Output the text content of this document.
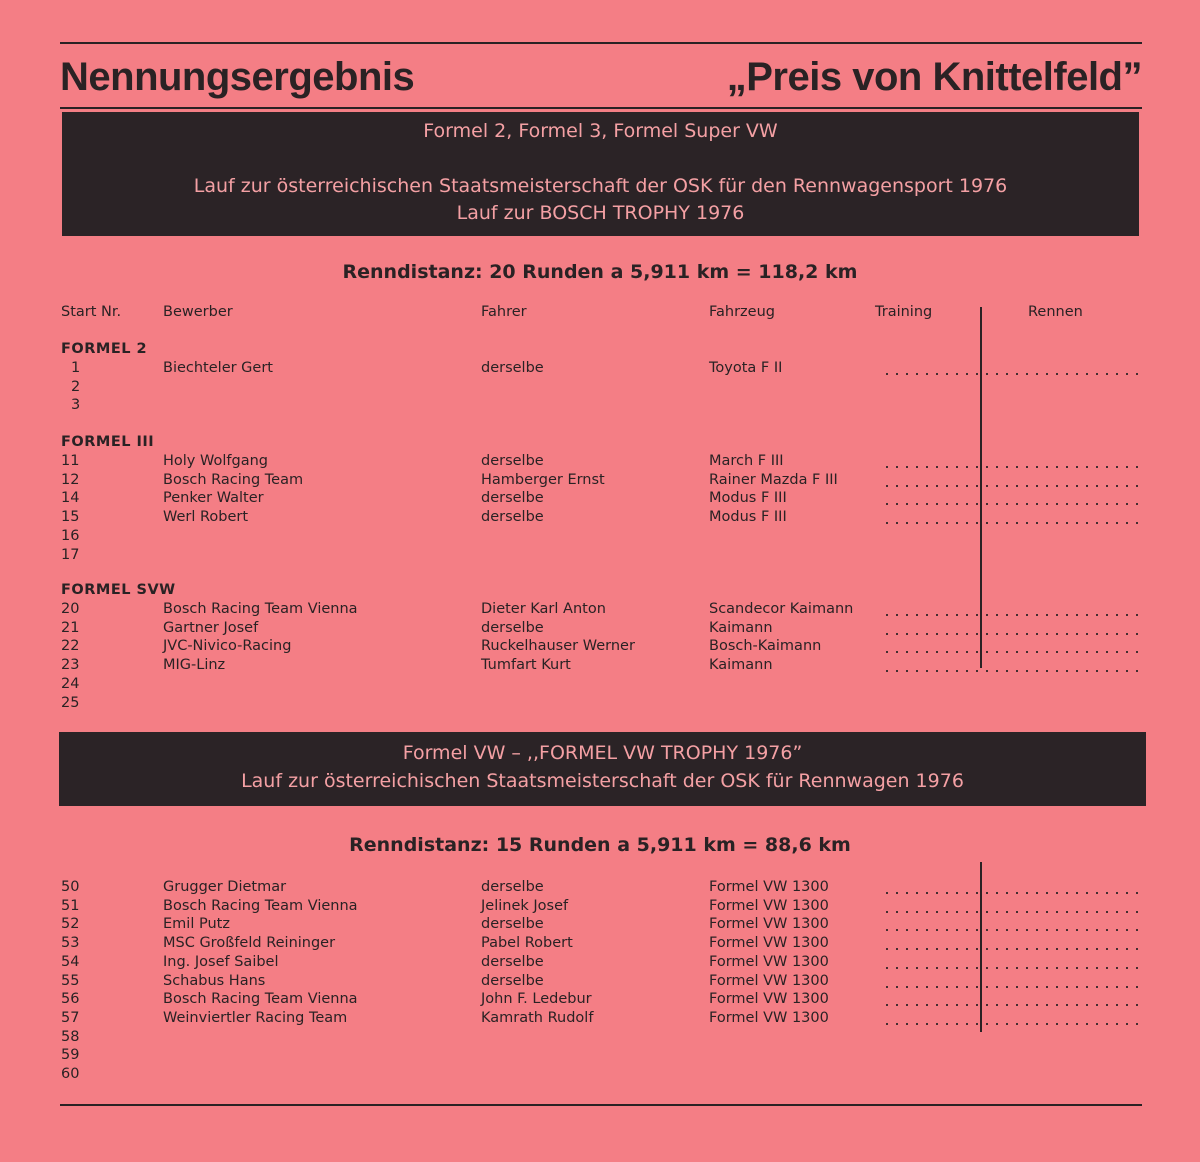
Nennungsergebnis	„Preis von Knittelfeld”
Formel 2, Formel 3, Formel Super VW
Lauf zur österreichischen Staatsmeisterschaft der OSK für den Rennwagensport 1976
Lauf zur BOSCH TROPHY 1976
Renndistanz: 20 Runden a 5,911 km = 118,2 km
Start Nr.	Bewerber	Fahrer	Fahrzeug	Training	Rennen
FORMEL 2
1	Biechteler Gert	derselbe	Toyota F II
2
3
FORMEL III
11	Holy Wolfgang	derselbe	March F III
12	Bosch Racing Team	Hamberger Ernst	Rainer Mazda F III
14	Penker Walter	derselbe	Modus F III
15	Werl Robert	derselbe	Modus F III
16
17
FORMEL SVW
20	Bosch Racing Team Vienna	Dieter Karl Anton	Scandecor Kaimann
21	Gartner Josef	derselbe	Kaimann
22	JVC-Nivico-Racing	Ruckelhauser Werner	Bosch-Kaimann
23	MIG-Linz	Tumfart Kurt	Kaimann
24
25
Formel VW – ,,FORMEL VW TROPHY 1976”
Lauf zur österreichischen Staatsmeisterschaft der OSK für Rennwagen 1976
Renndistanz: 15 Runden a 5,911 km = 88,6 km
50	Grugger Dietmar	derselbe	Formel VW 1300
51	Bosch Racing Team Vienna	Jelinek Josef	Formel VW 1300
52	Emil Putz	derselbe	Formel VW 1300
53	MSC Großfeld Reininger	Pabel Robert	Formel VW 1300
54	Ing. Josef Saibel	derselbe	Formel VW 1300
55	Schabus Hans	derselbe	Formel VW 1300
56	Bosch Racing Team Vienna	John F. Ledebur	Formel VW 1300
57	Weinviertler Racing Team	Kamrath Rudolf	Formel VW 1300
58
59
60
